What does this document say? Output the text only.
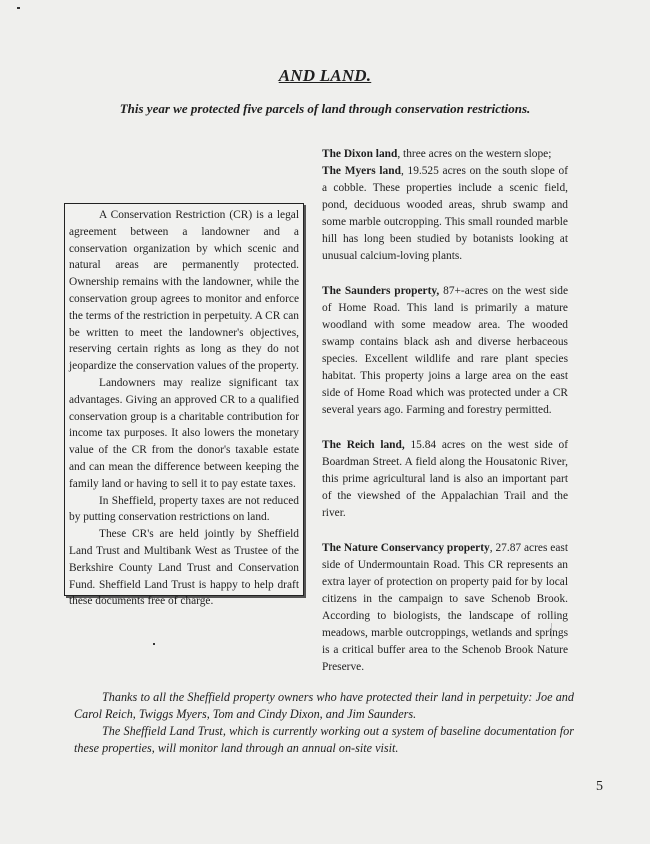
AND LAND.
This year we protected five parcels of land through conservation restrictions.

A Conservation Restriction (CR) is a legal agreement between a landowner and a conservation organization by which scenic and natural areas are permanently protected. Ownership remains with the landowner, while the conservation group agrees to monitor and enforce the terms of the restriction in perpetuity. A CR can be written to meet the landowner's objectives, reserving certain rights as long as they do not jeopardize the conservation values of the property.

Landowners may realize significant tax advantages. Giving an approved CR to a qualified conservation group is a charitable contribution for income tax purposes. It also lowers the monetary value of the CR from the donor's taxable estate and can mean the difference between keeping the family land or having to sell it to pay estate taxes.

In Sheffield, property taxes are not reduced by putting conservation restrictions on land.

These CR's are held jointly by Sheffield Land Trust and Multibank West as Trustee of the Berkshire County Land Trust and Conservation Fund. Sheffield Land Trust is happy to help draft these documents free of charge.

The Dixon land, three acres on the western slope;

The Myers land, 19.525 acres on the south slope of a cobble. These properties include a scenic field, pond, deciduous wooded areas, shrub swamp and some marble outcropping. This small rounded marble hill has long been studied by botanists looking at unusual calcium-loving plants.

The Saunders property, 87+-acres on the west side of Home Road. This land is primarily a mature woodland with some meadow area. The wooded swamp contains black ash and diverse herbaceous species. Excellent wildlife and rare plant species habitat. This property joins a large area on the east side of Home Road which was protected under a CR several years ago. Farming and forestry permitted.

The Reich land, 15.84 acres on the west side of Boardman Street. A field along the Housatonic River, this prime agricultural land is also an important part of the viewshed of the Appalachian Trail and the river.

The Nature Conservancy property, 27.87 acres east side of Undermountain Road. This CR represents an extra layer of protection on property paid for by local citizens in the campaign to save Schenob Brook. According to biologists, the landscape of rolling meadows, marble outcroppings, wetlands and springs is a critical buffer area to the Schenob Brook Nature Preserve.

Thanks to all the Sheffield property owners who have protected their land in perpetuity: Joe and Carol Reich, Twiggs Myers, Tom and Cindy Dixon, and Jim Saunders.

The Sheffield Land Trust, which is currently working out a system of baseline documentation for these properties, will monitor land through an annual on-site visit.

5
